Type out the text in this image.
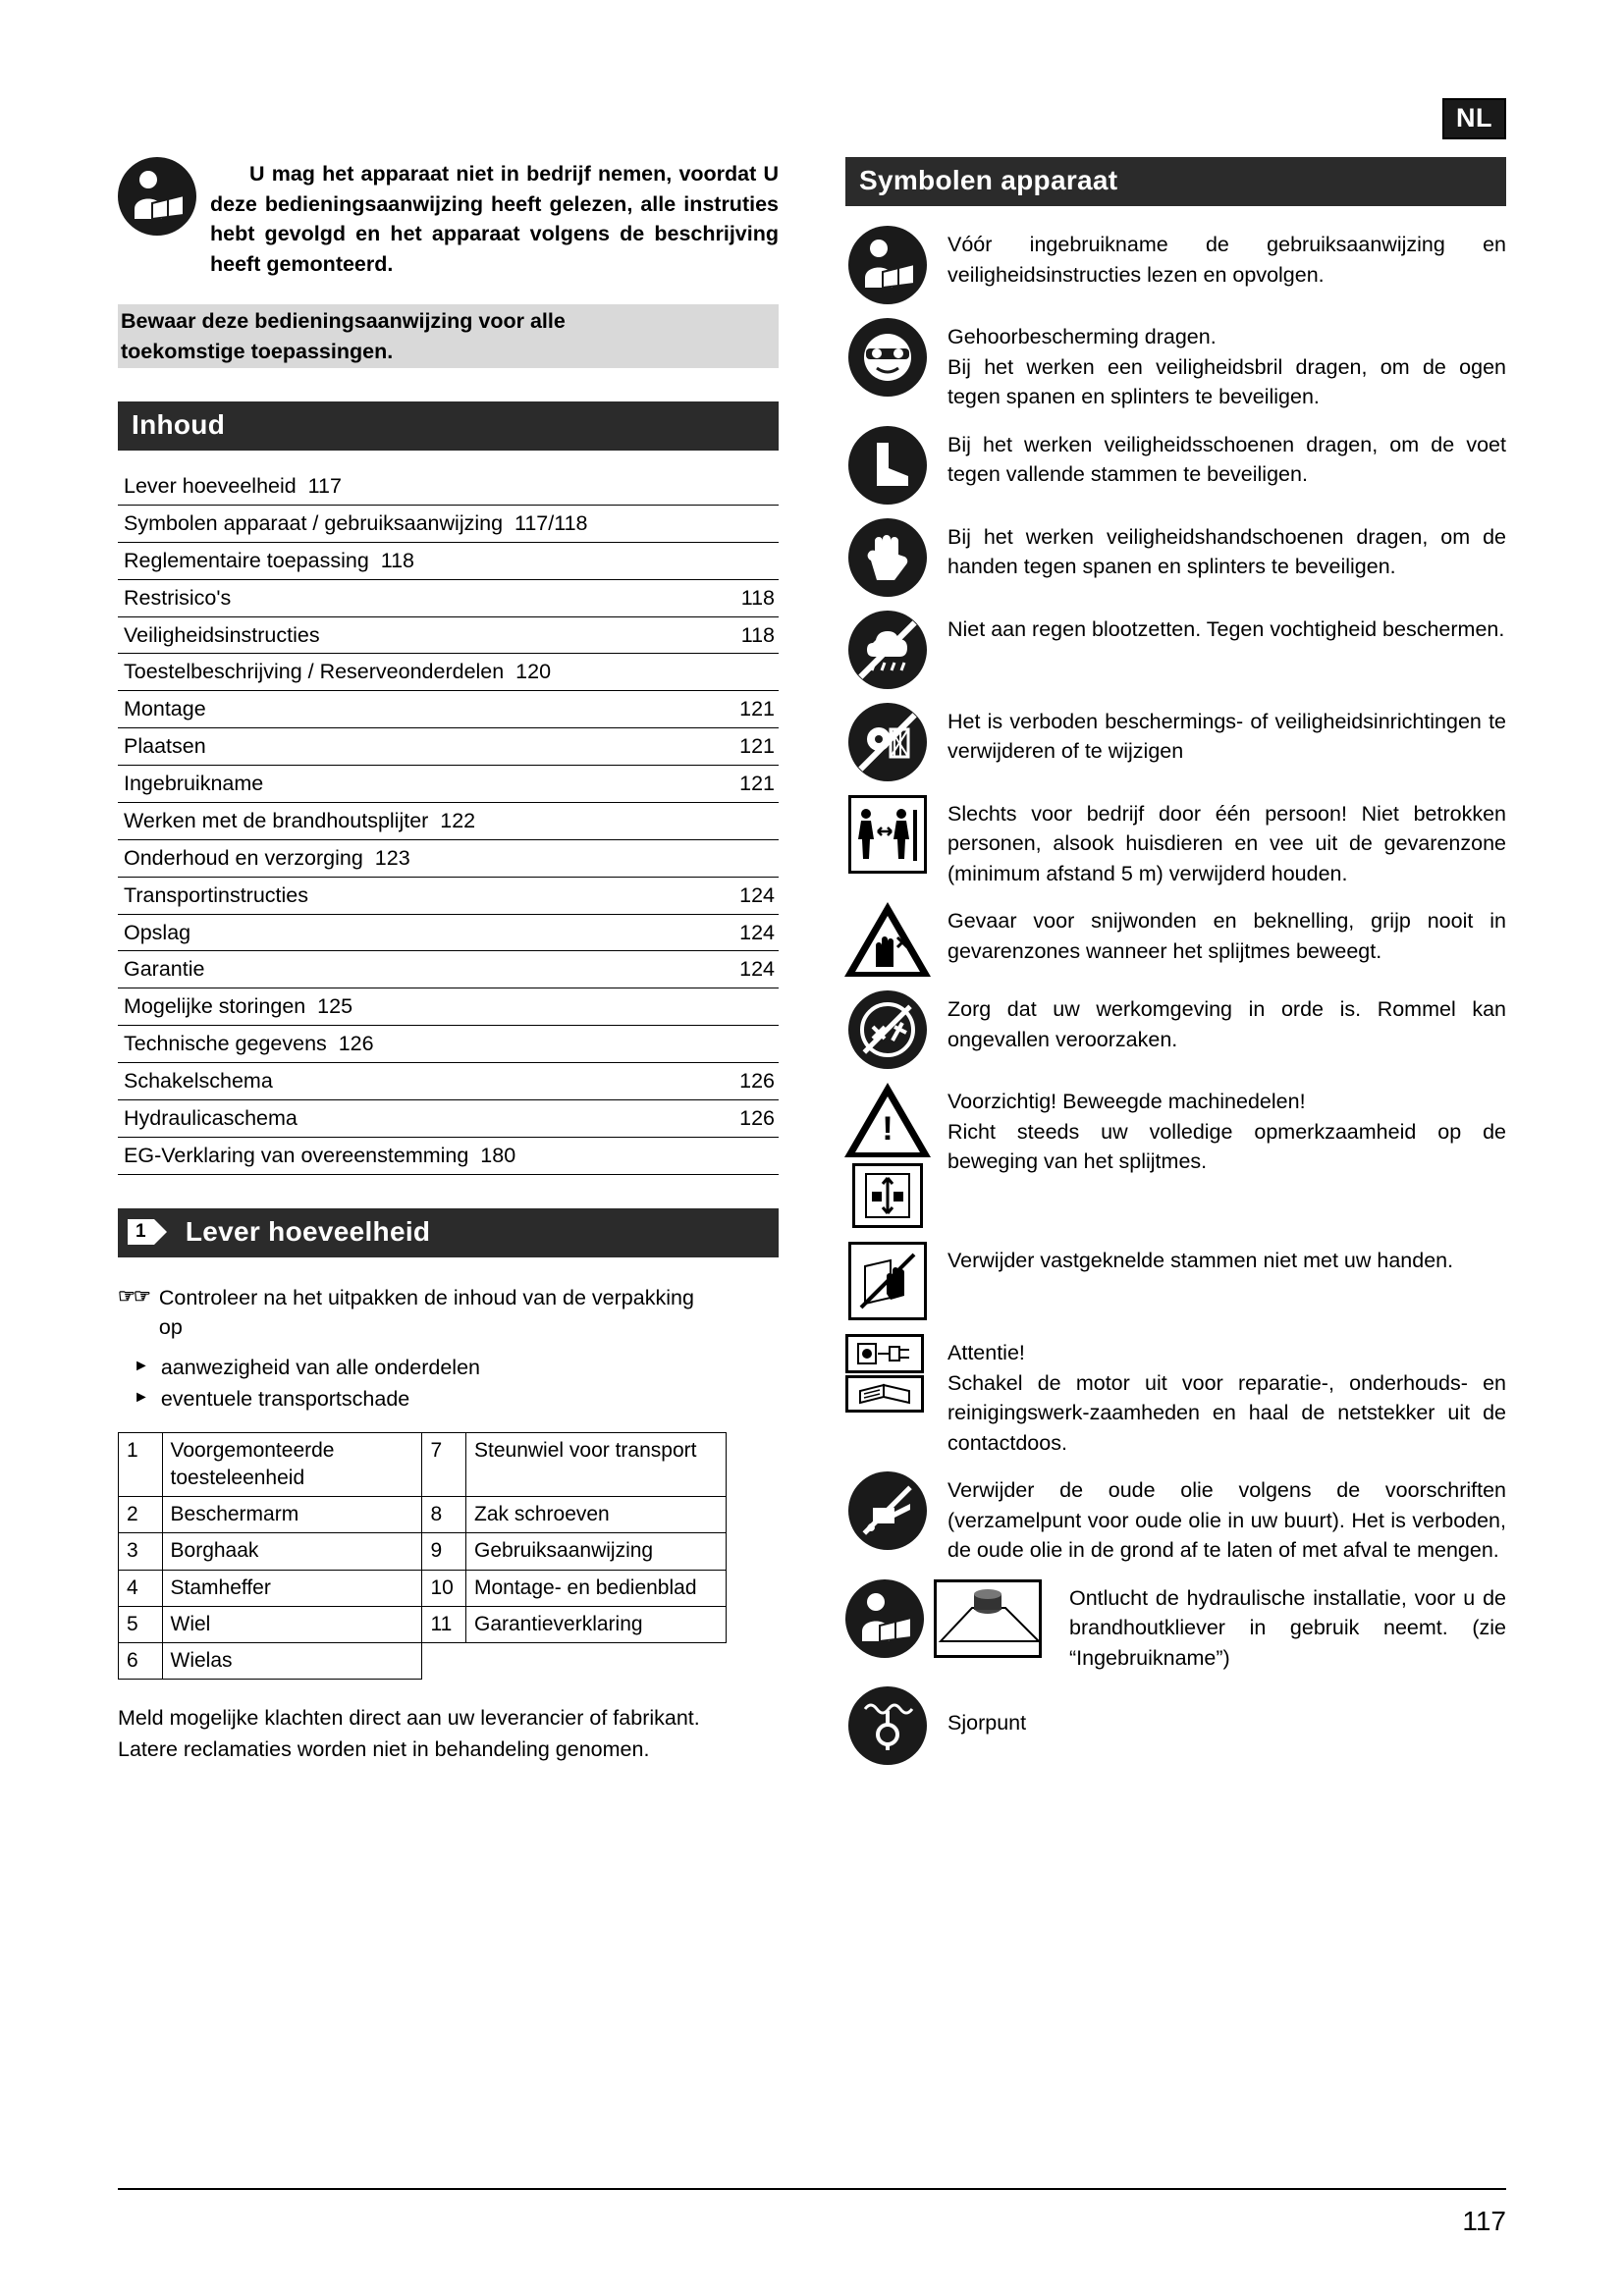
NL
U mag het apparaat niet in bedrijf nemen, voordat U deze bedieningsaanwijzing heeft gelezen, alle instruties hebt gevolgd en het apparaat volgens de beschrijving heeft gemonteerd.
Bewaar deze bedieningsaanwijzing voor alle
toekomstige toepassingen.
Inhoud
Lever hoeveelheid  117
Symbolen apparaat / gebruiksaanwijzing  117/118
Reglementaire toepassing  118
Restrisico's	118
Veiligheidsinstructies	118
Toestelbeschrijving / Reserveonderdelen  120
Montage	121
Plaatsen	121
Ingebruikname	121
Werken met de brandhoutsplijter  122
Onderhoud en verzorging  123
Transportinstructies	124
Opslag	124
Garantie	124
Mogelijke storingen  125
Technische gegevens  126
Schakelschema	126
Hydraulicaschema	126
EG-Verklaring van overeenstemming  180
1 Lever hoeveelheid
☞☞ Controleer na het uitpakken de inhoud van de verpakking
op
► aanwezigheid van alle onderdelen
► eventuele transportschade
1	Voorgemonteerde toesteleenheid	7	Steunwiel voor transport
2	Beschermarm	8	Zak schroeven
3	Borghaak	9	Gebruiksaanwijzing
4	Stamheffer	10	Montage- en bedienblad
5	Wiel	11	Garantieverklaring
6	Wielas		
Meld mogelijke klachten direct aan uw leverancier of fabrikant.
Latere reclamaties worden niet in behandeling genomen.
Symbolen apparaat
Vóór ingebruikname de gebruiksaanwijzing en veiligheidsinstructies lezen en opvolgen.
Gehoorbescherming dragen.
Bij het werken een veiligheidsbril dragen, om de ogen tegen spanen en splinters te beveiligen.
Bij het werken veiligheidsschoenen dragen, om de voet tegen vallende stammen te beveiligen.
Bij het werken veiligheidshandschoenen dragen, om de handen tegen spanen en splinters te beveiligen.
Niet aan regen blootzetten. Tegen vochtigheid beschermen.
Het is verboden beschermings- of veiligheidsinrichtingen te verwijderen of te wijzigen
Slechts voor bedrijf door één persoon! Niet betrokken personen, alsook huisdieren en vee uit de gevarenzone (minimum afstand 5 m) verwijderd houden.
Gevaar voor snijwonden en beknelling, grijp nooit in gevarenzones wanneer het splijtmes beweegt.
Zorg dat uw werkomgeving in orde is. Rommel kan ongevallen veroorzaken.
!
Voorzichtig! Beweegde machinedelen!
Richt steeds uw volledige opmerkzaamheid op de beweging van het splijtmes.
Verwijder vastgeknelde stammen niet met uw handen.
Attentie!
Schakel de motor uit voor reparatie-, onderhouds- en reinigingswerk-zaamheden en haal de netstekker uit de contactdoos.
Verwijder de oude olie volgens de voorschriften (verzamelpunt voor oude olie in uw buurt). Het is verboden, de oude olie in de grond af te laten of met afval te mengen.
Ontlucht de hydraulische installatie, voor u de brandhoutkliever in gebruik neemt. (zie “Ingebruikname”)
Sjorpunt
117
